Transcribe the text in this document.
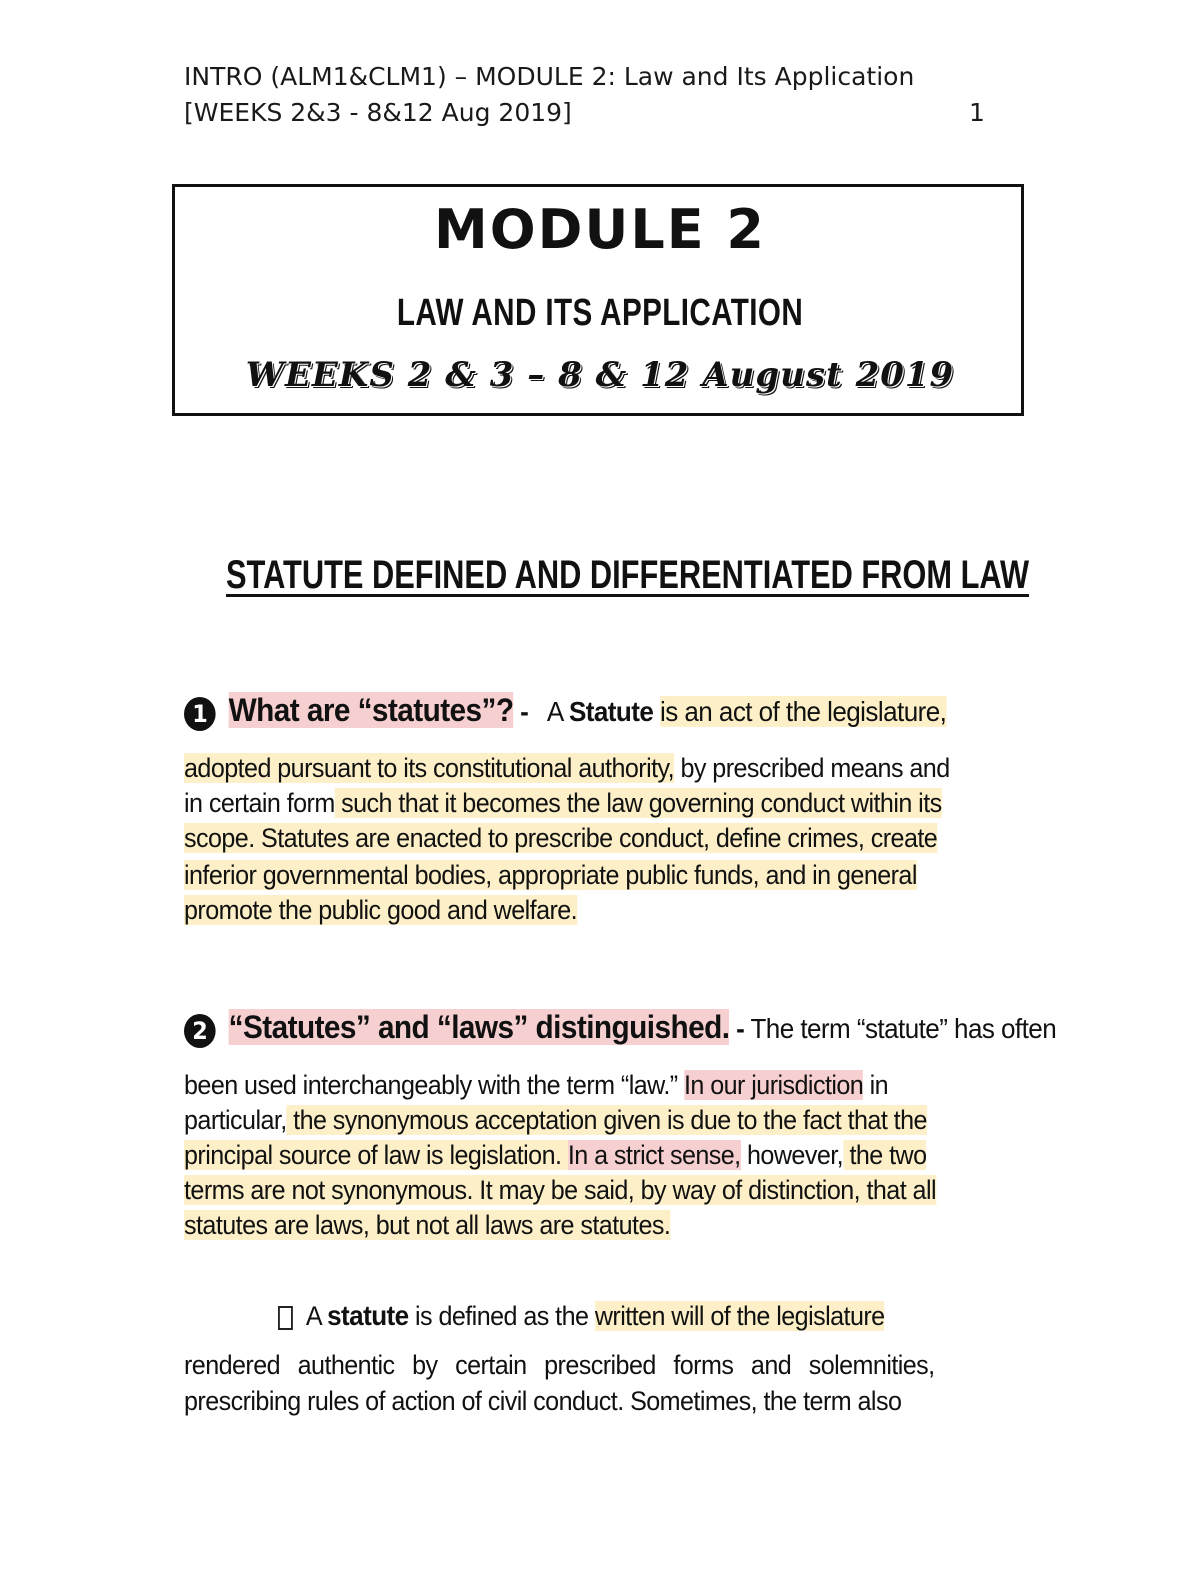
INTRO (ALM1&CLM1) – MODULE 2: Law and Its Application
[WEEKS 2&3 - 8&12 Aug 2019]	1
MODULE 2
LAW AND ITS APPLICATION
WEEKS 2 & 3 – 8 & 12 August 2019
STATUTE DEFINED AND DIFFERENTIATED FROM LAW
1 What are “statutes”? - A Statute is an act of the legislature,
adopted pursuant to its constitutional authority, by prescribed means and
in certain form such that it becomes the law governing conduct within its
scope. Statutes are enacted to prescribe conduct, define crimes, create
inferior governmental bodies, appropriate public funds, and in general
promote the public good and welfare.
2 “Statutes” and “laws” distinguished. - The term “statute” has often
been used interchangeably with the term “law.” In our jurisdiction in
particular, the synonymous acceptation given is due to the fact that the
principal source of law is legislation. In a strict sense, however, the two
terms are not synonymous. It may be said, by way of distinction, that all
statutes are laws, but not all laws are statutes.
A statute is defined as the written will of the legislature
rendered authentic by certain prescribed forms and solemnities,
prescribing rules of action of civil conduct. Sometimes, the term also
